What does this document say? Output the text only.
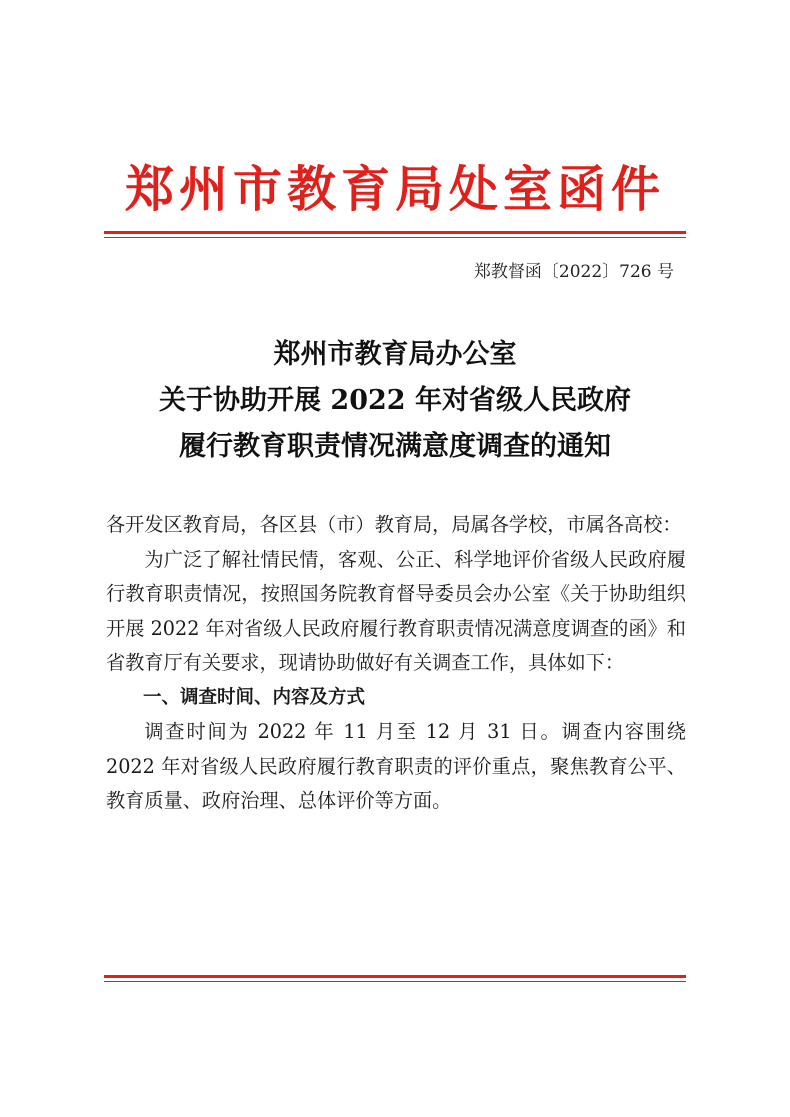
郑州市教育局处室函件
郑教督函〔2022〕726 号
郑州市教育局办公室
关于协助开展 2022 年对省级人民政府
履行教育职责情况满意度调查的通知

各开发区教育局，各区县（市）教育局，局属各学校，市属各高校：

为广泛了解社情民情，客观、公正、科学地评价省级人民政府履行教育职责情况，按照国务院教育督导委员会办公室《关于协助组织开展 2022 年对省级人民政府履行教育职责情况满意度调查的函》和省教育厅有关要求，现请协助做好有关调查工作，具体如下：

一、调查时间、内容及方式

调查时间为 2022 年 11 月至 12 月 31 日。调查内容围绕 2022 年对省级人民政府履行教育职责的评价重点，聚焦教育公平、教育质量、政府治理、总体评价等方面。
